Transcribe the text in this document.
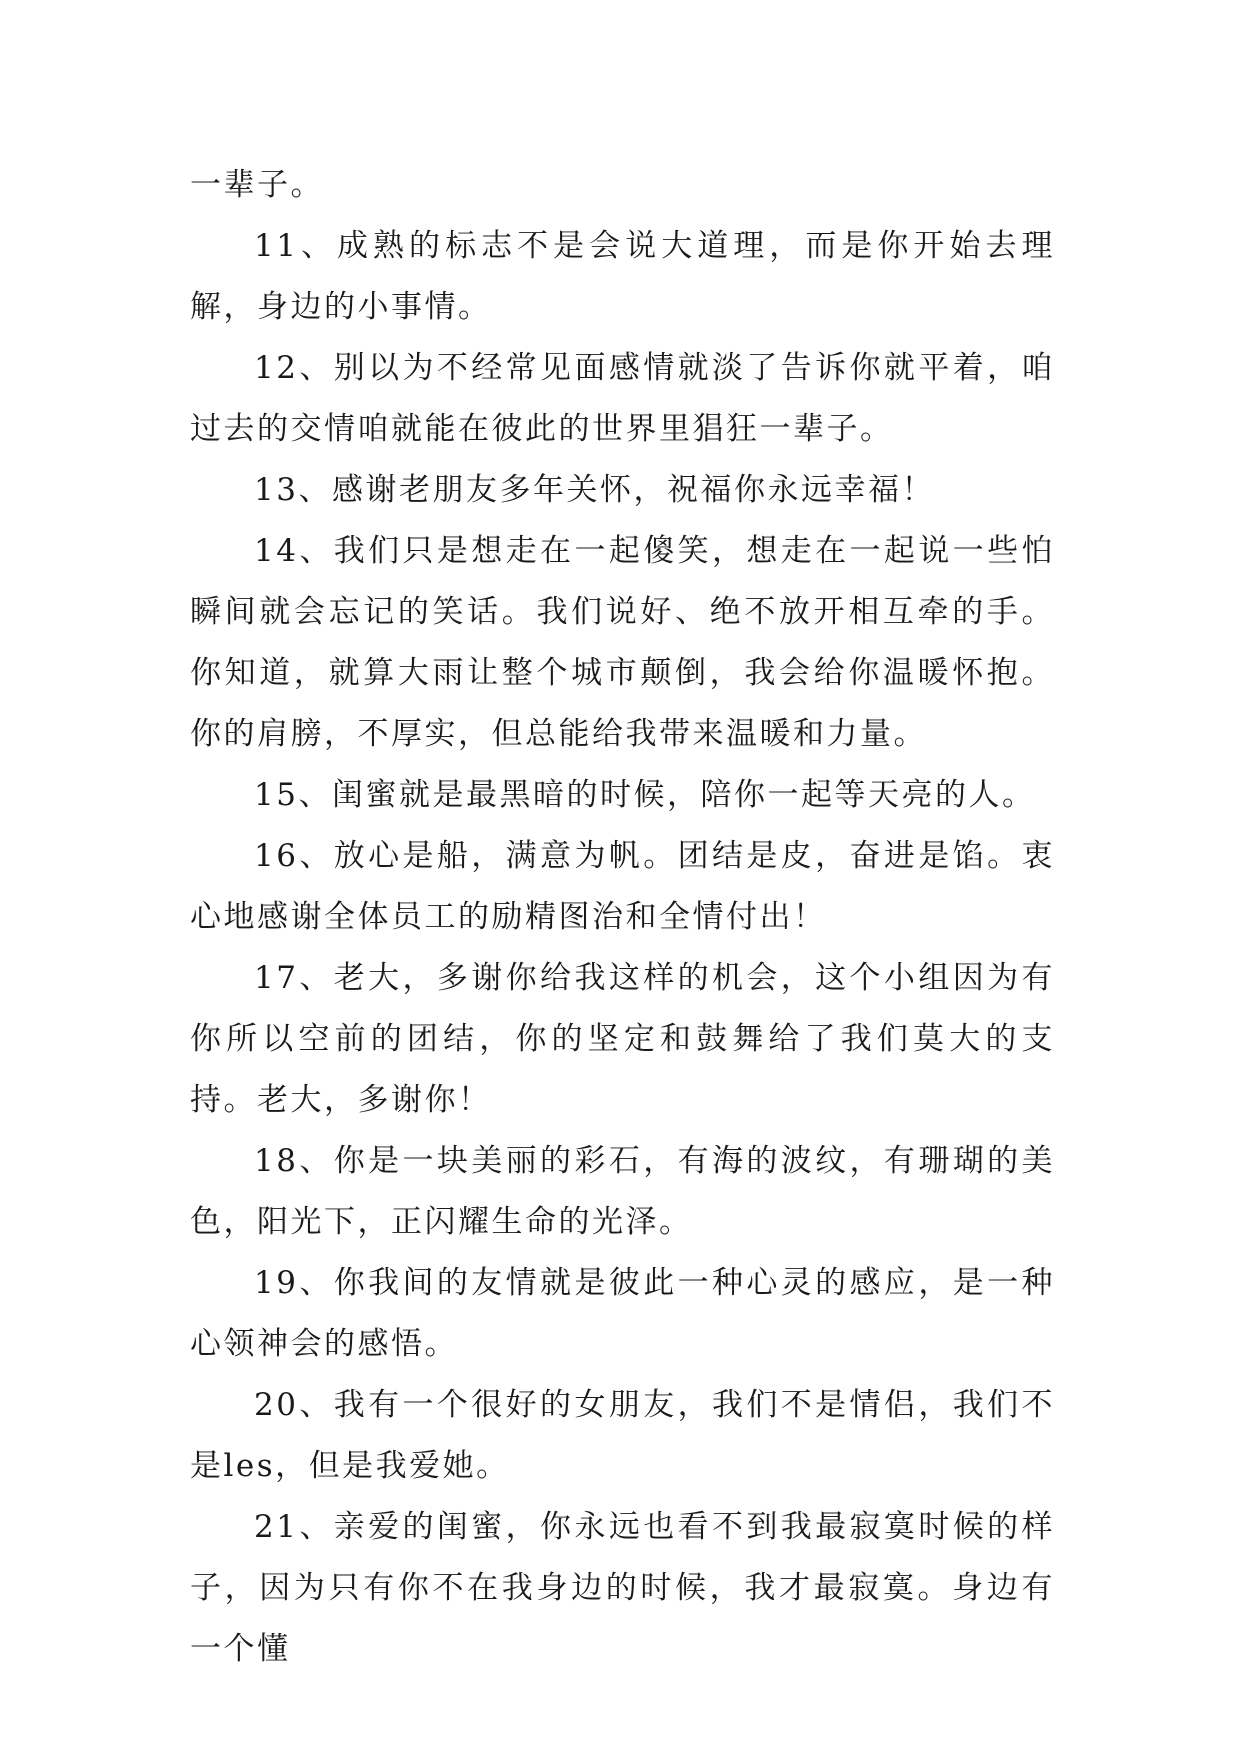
一辈子。

11、成熟的标志不是会说大道理，而是你开始去理解，身边的小事情。

12、别以为不经常见面感情就淡了告诉你就平着，咱过去的交情咱就能在彼此的世界里猖狂一辈子。

13、感谢老朋友多年关怀，祝福你永远幸福！

14、我们只是想走在一起傻笑，想走在一起说一些怕瞬间就会忘记的笑话。我们说好、绝不放开相互牵的手。你知道，就算大雨让整个城市颠倒，我会给你温暖怀抱。你的肩膀，不厚实，但总能给我带来温暖和力量。

15、闺蜜就是最黑暗的时候，陪你一起等天亮的人。

16、放心是船，满意为帆。团结是皮，奋进是馅。衷心地感谢全体员工的励精图治和全情付出！

17、老大，多谢你给我这样的机会，这个小组因为有你所以空前的团结，你的坚定和鼓舞给了我们莫大的支持。老大，多谢你！

18、你是一块美丽的彩石，有海的波纹，有珊瑚的美色，阳光下，正闪耀生命的光泽。

19、你我间的友情就是彼此一种心灵的感应，是一种心领神会的感悟。

20、我有一个很好的女朋友，我们不是情侣，我们不是les，但是我爱她。

21、亲爱的闺蜜，你永远也看不到我最寂寞时候的样子，因为只有你不在我身边的时候，我才最寂寞。身边有一个懂
